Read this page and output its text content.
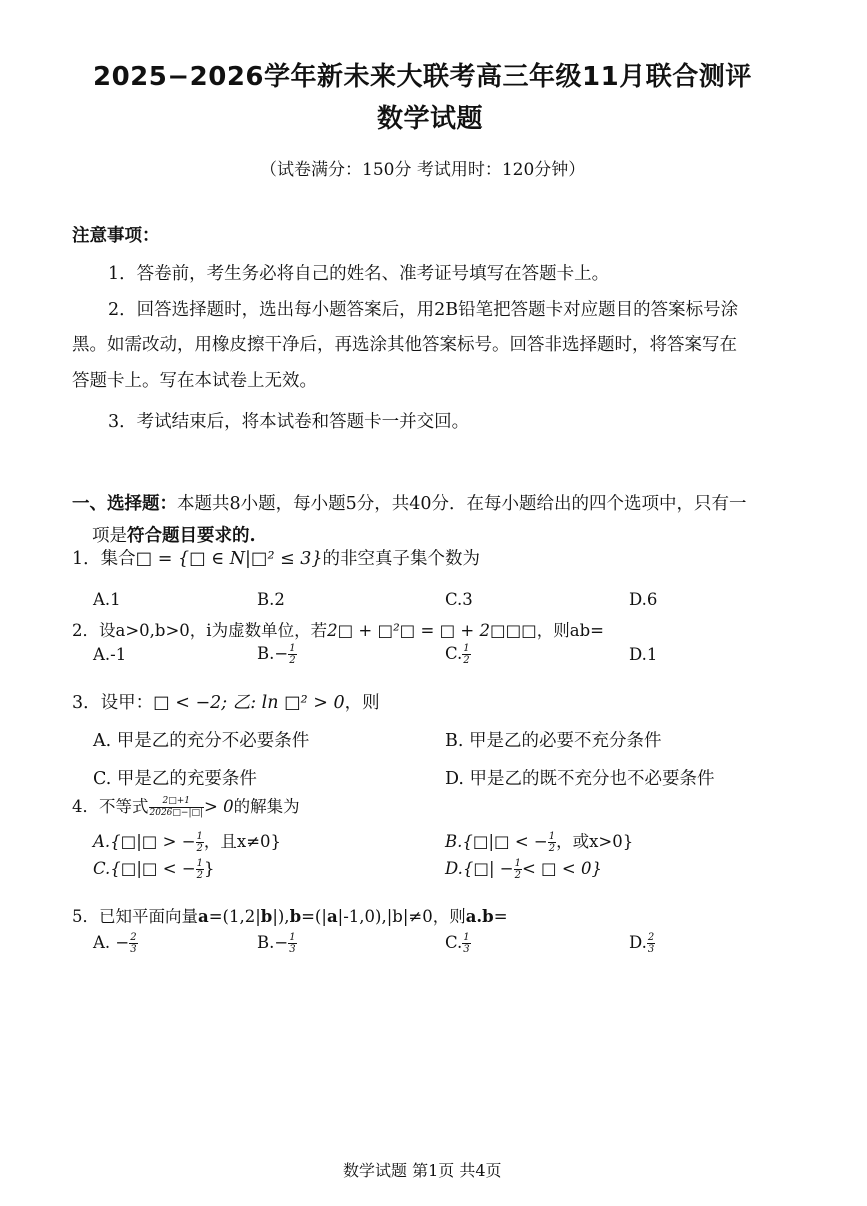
2025−2026学年新未来大联考高三年级11月联合测评
数学试题
（试卷满分：150分 考试用时：120分钟）
注意事项：
1．答卷前，考生务必将自己的姓名、准考证号填写在答题卡上。
2．回答选择题时，选出每小题答案后，用2B铅笔把答题卡对应题目的答案标号涂
黑。如需改动，用橡皮擦干净后，再选涂其他答案标号。回答非选择题时，将答案写在
答题卡上。写在本试卷上无效。
3．考试结束后，将本试卷和答题卡一并交回。
一、选择题：本题共8小题，每小题5分，共40分．在每小题给出的四个选项中，只有一
项是符合题目要求的.
1．集合□ = {□ ∈ N|□² ≤ 3}的非空真子集个数为
A.1	B.2	C.3	D.6
2．设a>0,b>0，i为虚数单位，若2□ + □²□ = □ + 2□□□，则ab=
A.-1	$B.- \frac{1}{2}$	C. $\frac{1}{2}$	D.1
3．设甲：□ < −2; 乙: ln □² > 0，则
A. 甲是乙的充分不必要条件	B. 甲是乙的必要不充分条件
C. 甲是乙的充要条件	D. 甲是乙的既不充分也不必要条件
4．不等式 $\frac{2□+1}{2026□-|□|} > 0$的解集为
A.{□|□ > − $\frac{1}{2}$ ，且x≠0}	B.{□|□ < − $\frac{1}{2}$ ，或x>0}
C.{□|□ < − $\frac{1}{2}$ }	D.{□| − $\frac{1}{2}$ < □ < 0}
5．已知平面向量a=(1,2|b|),b=(|a|-1,0),|b|≠0，则a.b=
A. − $\frac{2}{3}$	$B.- \frac{1}{3}$	C. $\frac{1}{3}$	D. $\frac{2}{3}$
数学试题 第1页 共4页
